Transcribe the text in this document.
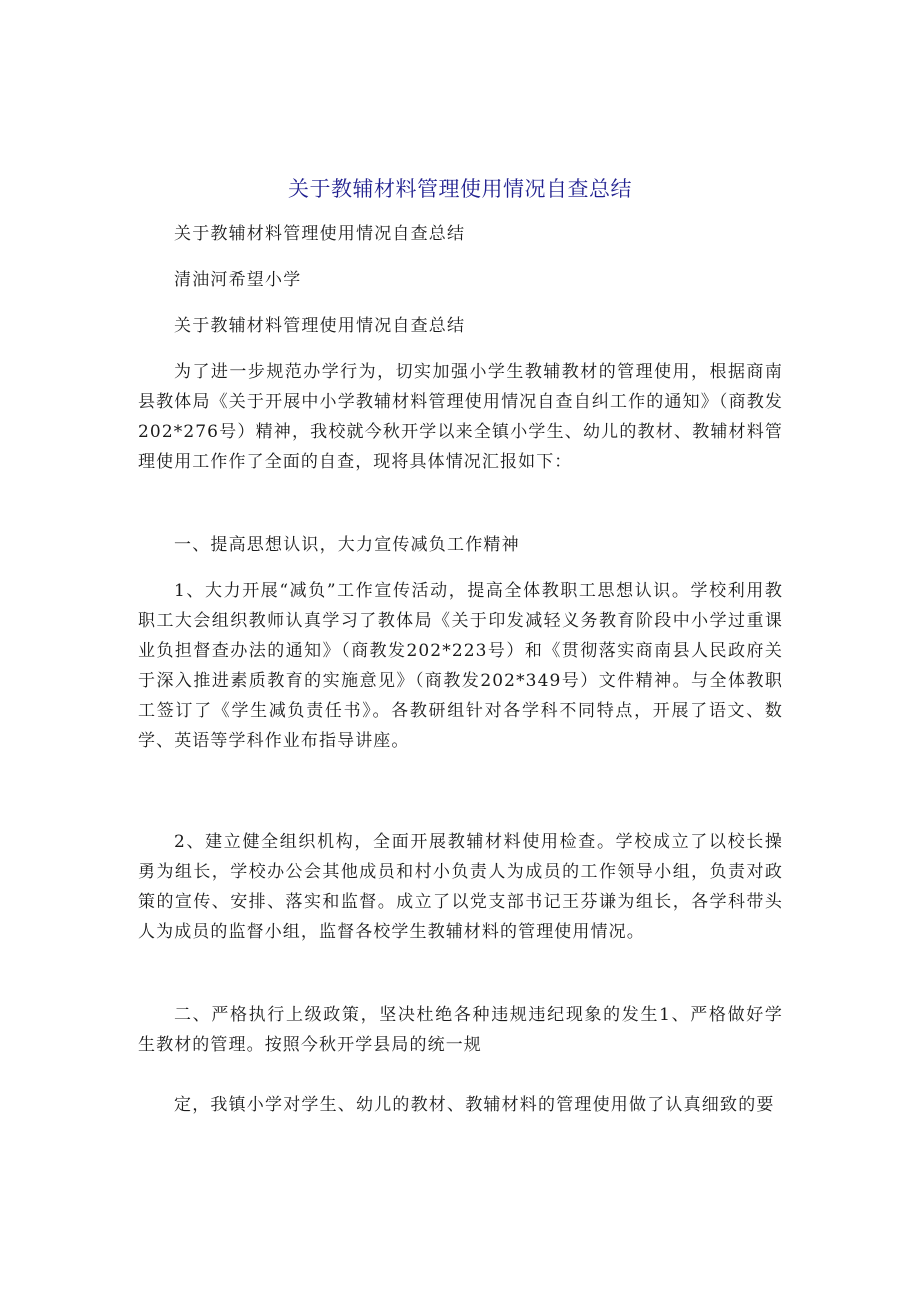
关于教辅材料管理使用情况自查总结

关于教辅材料管理使用情况自查总结

清油河希望小学

关于教辅材料管理使用情况自查总结

为了进一步规范办学行为，切实加强小学生教辅教材的管理使用，根据商南县教体局《关于开展中小学教辅材料管理使用情况自查自纠工作的通知》（商教发202*276号）精神，我校就今秋开学以来全镇小学生、幼儿的教材、教辅材料管理使用工作作了全面的自查，现将具体情况汇报如下：

一、提高思想认识，大力宣传减负工作精神

1、大力开展“减负”工作宣传活动，提高全体教职工思想认识。学校利用教职工大会组织教师认真学习了教体局《关于印发减轻义务教育阶段中小学过重课业负担督查办法的通知》（商教发202*223号）和《贯彻落实商南县人民政府关于深入推进素质教育的实施意见》（商教发202*349号）文件精神。与全体教职工签订了《学生减负责任书》。各教研组针对各学科不同特点，开展了语文、数学、英语等学科作业布指导讲座。

2、建立健全组织机构，全面开展教辅材料使用检查。学校成立了以校长操勇为组长，学校办公会其他成员和村小负责人为成员的工作领导小组，负责对政策的宣传、安排、落实和监督。成立了以党支部书记王芬谦为组长，各学科带头人为成员的监督小组，监督各校学生教辅材料的管理使用情况。

二、严格执行上级政策，坚决杜绝各种违规违纪现象的发生1、严格做好学生教材的管理。按照今秋开学县局的统一规

定，我镇小学对学生、幼儿的教材、教辅材料的管理使用做了认真细致的要
